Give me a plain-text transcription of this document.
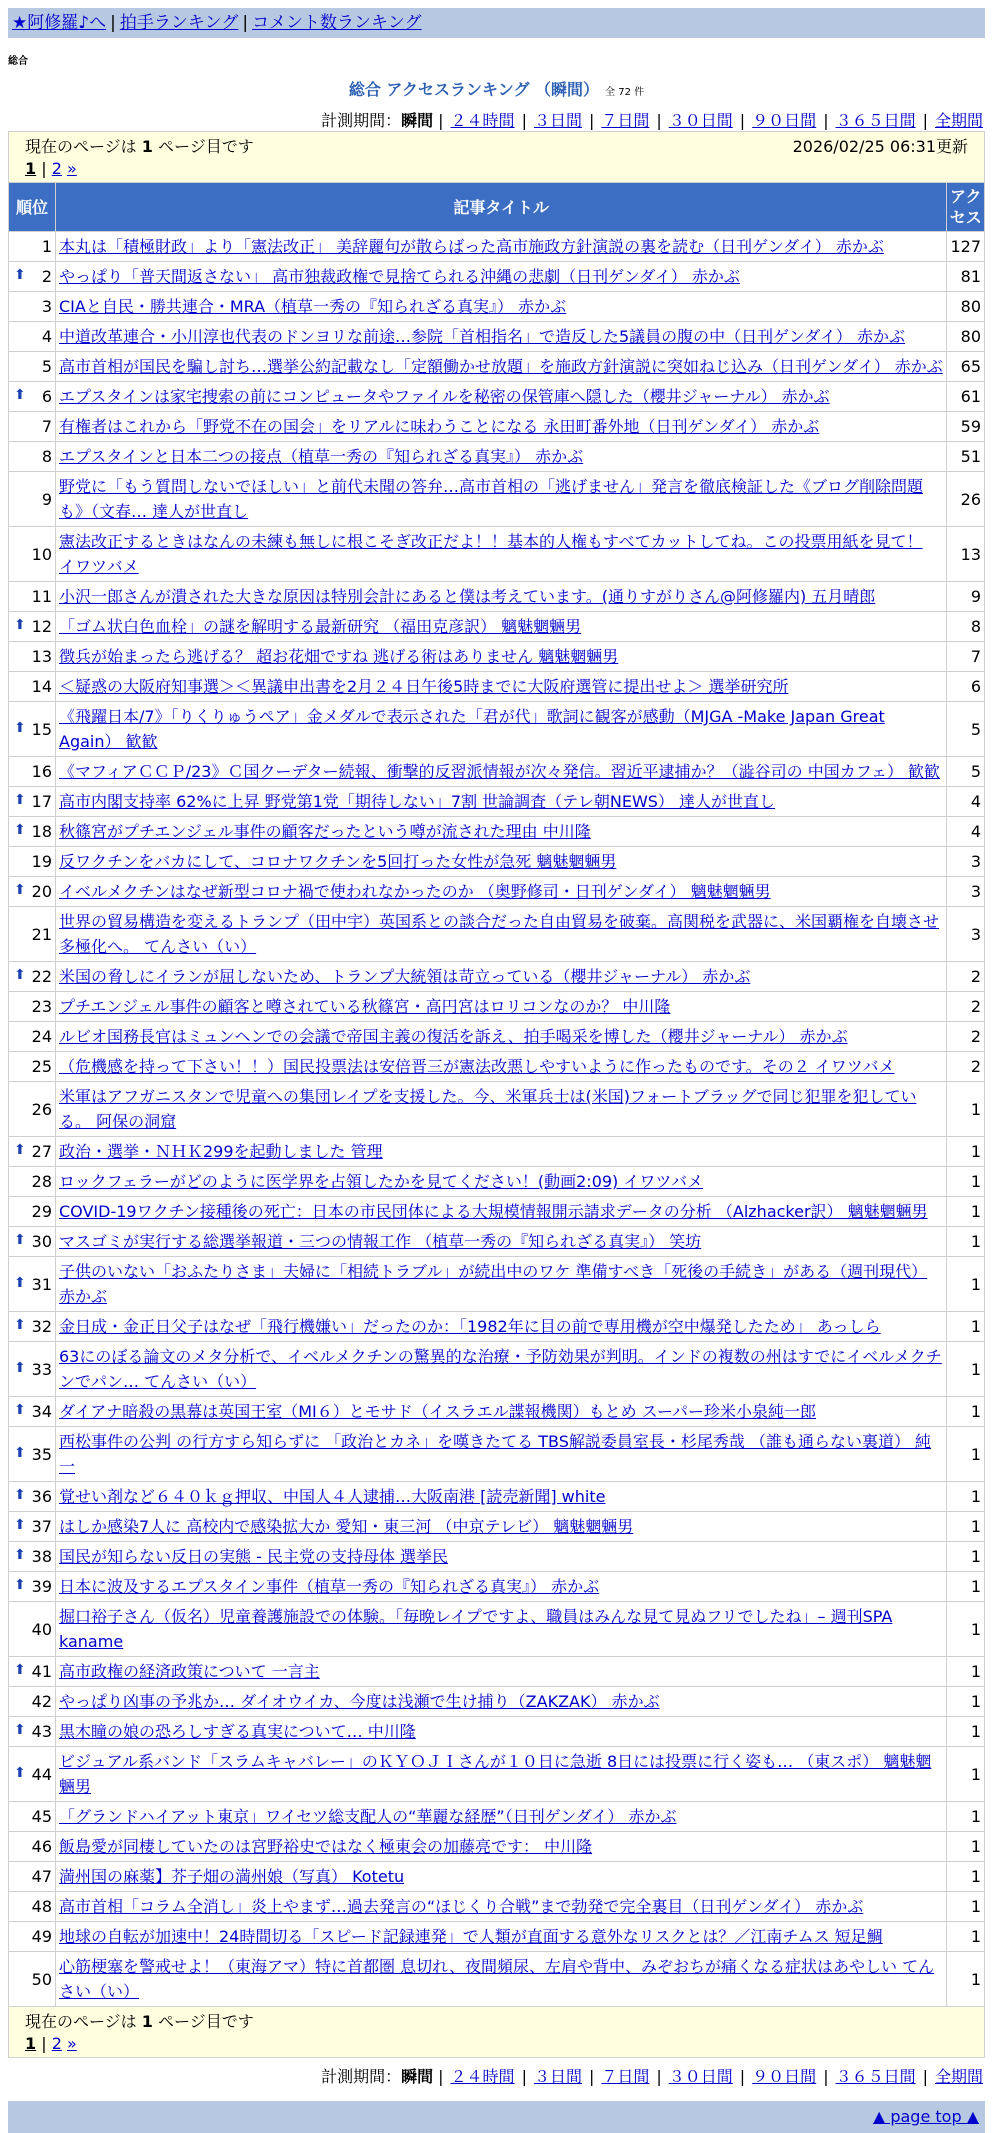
★阿修羅♪へ | 拍手ランキング | コメント数ランキング
総合
総合 アクセスランキング （瞬間） 全 72 件
計測期間：瞬間 | ２４時間 | ３日間 | ７日間 | ３０日間 | ９０日間 | ３６５日間 | 全期間
現在のページは 1 ページ目です 2026/02/25 06:31更新
1 | 2 »		

順位	記事タイトル	アクセス
1	本丸は「積極財政」より「憲法改正」 美辞麗句が散らばった高市施政方針演説の裏を読む（日刊ゲンダイ） 赤かぶ	127

⬆ 2	やっぱり「普天間返さない」 高市独裁政権で見捨てられる沖縄の悲劇（日刊ゲンダイ） 赤かぶ	81
3	CIAと自民・勝共連合・MRA（植草一秀の『知られざる真実』） 赤かぶ	80
4	中道改革連合・小川淳也代表のドンヨリな前途…参院「首相指名」で造反した5議員の腹の中（日刊ゲンダイ） 赤かぶ	80
5	高市首相が国民を騙し討ち…選挙公約記載なし「定額働かせ放題」を施政方針演説に突如ねじ込み（日刊ゲンダイ） 赤かぶ	65

⬆ 6	エプスタインは家宅捜索の前にコンピュータやファイルを秘密の保管庫へ隠した（櫻井ジャーナル） 赤かぶ	61
7	有権者はこれから「野党不在の国会」をリアルに味わうことになる 永田町番外地（日刊ゲンダイ） 赤かぶ	59
8	エプスタインと日本二つの接点（植草一秀の『知られざる真実』） 赤かぶ	51
9	野党に「もう質問しないでほしい」と前代未聞の答弁…高市首相の「逃げません」発言を徹底検証した《ブログ削除問題も》（文春… 達人が世直し	26
10	憲法改正するときはなんの未練も無しに根こそぎ改正だよ！！基本的人権もすべてカットしてね。この投票用紙を見て！ イワツバメ	13
11	小沢一郎さんが潰された大きな原因は特別会計にあると僕は考えています。(通りすがりさん@阿修羅内) 五月晴郎	9

⬆ 12	「ゴム状白色血栓」の謎を解明する最新研究 （福田克彦訳） 魑魅魍魎男	8
13	徴兵が始まったら逃げる？ 超お花畑ですね 逃げる術はありません 魑魅魍魎男	7
14	＜疑惑の大阪府知事選＞＜異議申出書を2月２４日午後5時までに大阪府選管に提出せよ＞ 選挙研究所	6

⬆ 15	《飛躍日本/7》「りくりゅうペア」金メダルで表示された「君が代」歌詞に観客が感動（MJGA -Make Japan Great Again） 歓歓	5
16	《マフィアＣＣＰ/23》Ｃ国クーデター続報、衝撃的反習派情報が次々発信。習近平逮捕か？（澁谷司の 中国カフェ） 歓歓	5

⬆ 17	高市内閣支持率 62%に上昇 野党第1党「期待しない」7割 世論調査（テレ朝NEWS） 達人が世直し	4

⬆ 18	秋篠宮がプチエンジェル事件の顧客だったという噂が流された理由 中川隆	4
19	反ワクチンをバカにして、コロナワクチンを5回打った女性が急死 魑魅魍魎男	3

⬆ 20	イベルメクチンはなぜ新型コロナ禍で使われなかったのか （奥野修司・日刊ゲンダイ） 魑魅魍魎男	3
21	世界の貿易構造を変えるトランプ（田中宇）英国系との談合だった自由貿易を破棄。高関税を武器に、米国覇権を自壊させ多極化へ。 てんさい（い）	3

⬆ 22	米国の脅しにイランが屈しないため、トランプ大統領は苛立っている（櫻井ジャーナル） 赤かぶ	2
23	プチエンジェル事件の顧客と噂されている秋篠宮・高円宮はロリコンなのか？ 中川隆	2
24	ルビオ国務長官はミュンヘンでの会議で帝国主義の復活を訴え、拍手喝采を博した（櫻井ジャーナル） 赤かぶ	2
25	（危機感を持って下さい！！）国民投票法は安倍晋三が憲法改悪しやすいように作ったものです。その２ イワツバメ	2
26	米軍はアフガニスタンで児童への集団レイプを支援した。今、米軍兵士は(米国)フォートブラッグで同じ犯罪を犯している。 阿保の洞窟	1

⬆ 27	政治・選挙・ＮＨＫ299を起動しました 管理	1
28	ロックフェラーがどのように医学界を占領したかを見てください！(動画2:09) イワツバメ	1
29	COVID-19ワクチン接種後の死亡：日本の市民団体による大規模情報開示請求データの分析 （Alzhacker訳） 魑魅魍魎男	1

⬆ 30	マスゴミが実行する総選挙報道・三つの情報工作 （植草一秀の『知られざる真実』） 笑坊	1

⬆ 31	子供のいない「おふたりさま」夫婦に「相続トラブル」が続出中のワケ 準備すべき「死後の手続き」がある（週刊現代） 赤かぶ	1

⬆ 32	金日成・金正日父子はなぜ「飛行機嫌い」だったのか：「1982年に目の前で専用機が空中爆発したため」 あっしら	1

⬆ 33	63にのぼる論文のメタ分析で、イベルメクチンの驚異的な治療・予防効果が判明。インドの複数の州はすでにイベルメクチンでパン… てんさい（い）	1

⬆ 34	ダイアナ暗殺の黒幕は英国王室（MI６）とモサド（イスラエル諜報機関）もとめ スーパー珍米小泉純一郎	1

⬆ 35	西松事件の公判 の行方すら知らずに 「政治とカネ」を嘆きたてる TBS解説委員室長・杉尾秀哉 （誰も通らない裏道） 純一	1

⬆ 36	覚せい剤など６４０ｋｇ押収、中国人４人逮捕…大阪南港 [読売新聞] white	1

⬆ 37	はしか感染7人に 高校内で感染拡大か 愛知・東三河 （中京テレビ） 魑魅魍魎男	1

⬆ 38	国民が知らない反日の実態 - 民主党の支持母体 選挙民	1

⬆ 39	日本に波及するエプスタイン事件（植草一秀の『知られざる真実』） 赤かぶ	1
40	掘口裕子さん（仮名）児童養護施設での体験。「毎晩レイプですよ、職員はみんな見て見ぬフリでしたね」– 週刊SPA kaname	1

⬆ 41	高市政権の経済政策について 一言主	1
42	やっぱり凶事の予兆か… ダイオウイカ、今度は浅瀬で生け捕り（ZAKZAK） 赤かぶ	1

⬆ 43	黒木瞳の娘の恐ろしすぎる真実について… 中川隆	1

⬆ 44	ビジュアル系バンド「スラムキャバレー」のＫＹＯＪＩさんが１０日に急逝 8日には投票に行く姿も… （東スポ） 魑魅魍魎男	1
45	「グランドハイアット東京」ワイセツ総支配人の“華麗な経歴”（日刊ゲンダイ） 赤かぶ	1
46	飯島愛が同棲していたのは宮野裕史ではなく極東会の加藤亮です： 中川隆	1
47	満州国の麻薬】芥子畑の満州娘（写真） Kotetu	1
48	高市首相「コラム全消し」炎上やまず…過去発言の“ほじくり合戦”まで勃発で完全裏目（日刊ゲンダイ） 赤かぶ	1
49	地球の自転が加速中！24時間切る「スピード記録連発」で人類が直面する意外なリスクとは？／江南チムス 短足鯛	1
50	心筋梗塞を警戒せよ！（東海アマ）特に首都圏 息切れ、夜間頻尿、左肩や背中、みぞおちが痛くなる症状はあやしい てんさい（い）	1

現在のページは 1 ページ目です
1 | 2 »		
計測期間：瞬間 | ２４時間 | ３日間 | ７日間 | ３０日間 | ９０日間 | ３６５日間 | 全期間
▲ page top ▲
